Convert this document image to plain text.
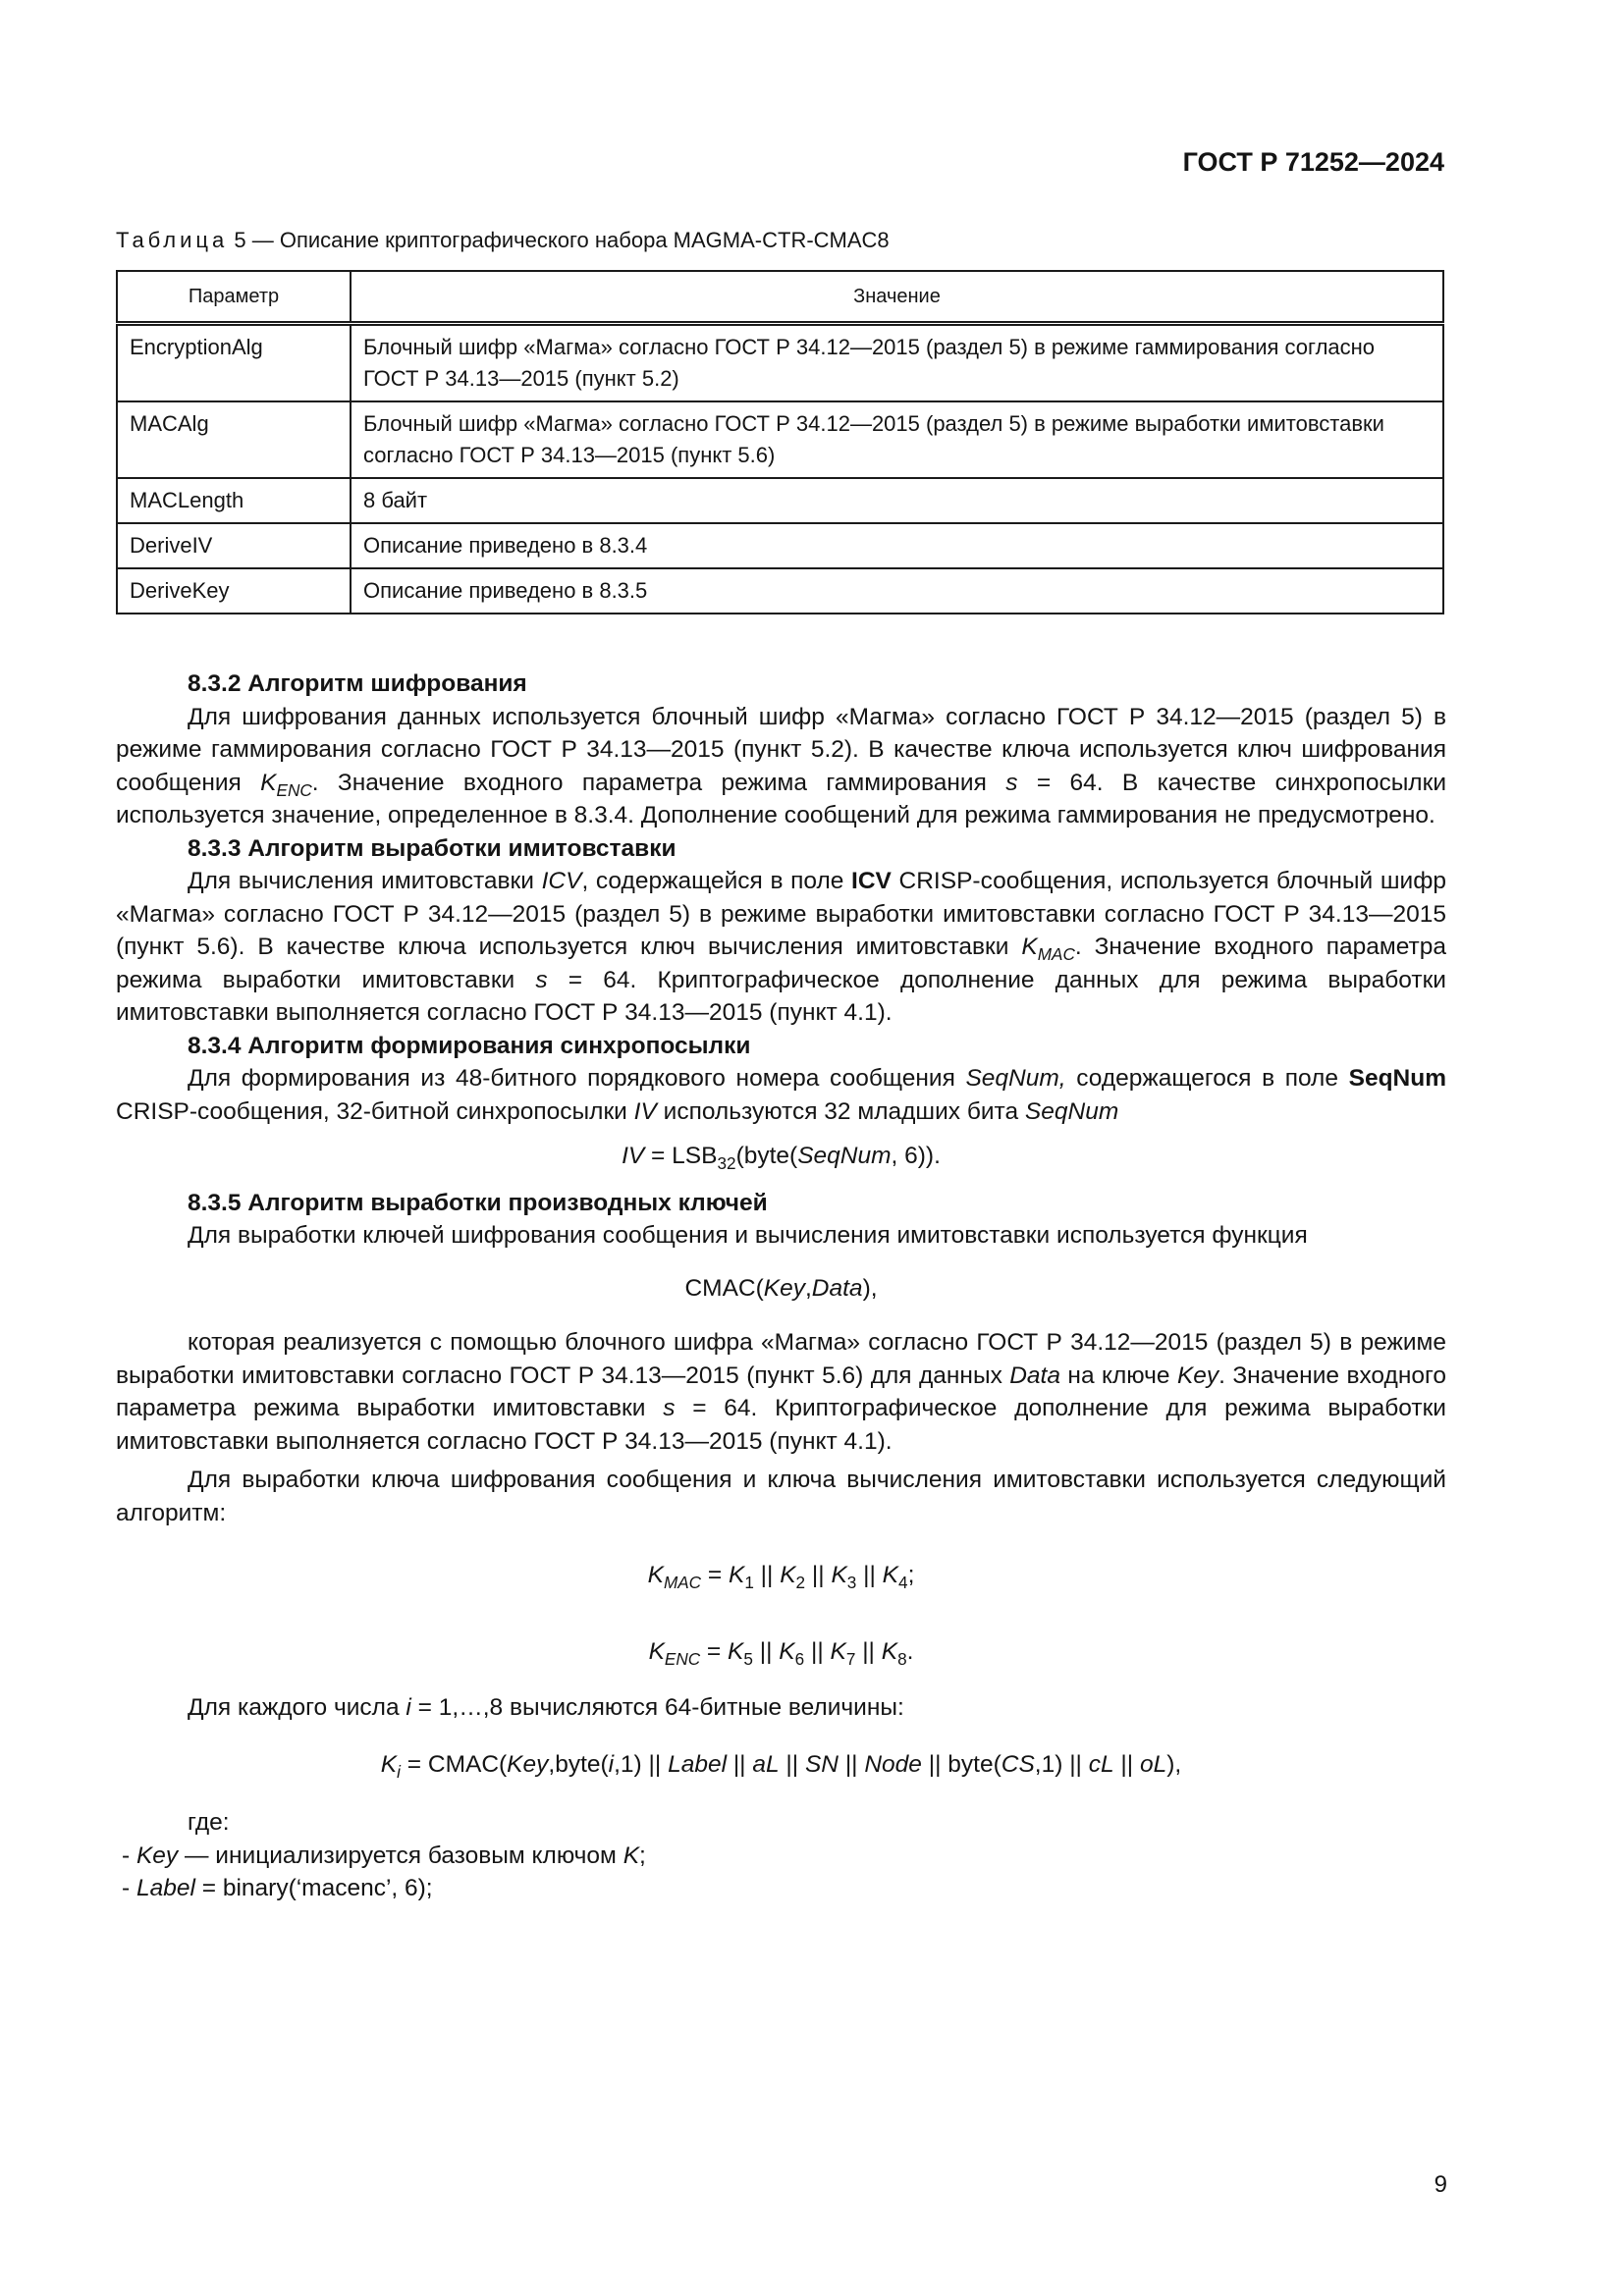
ГОСТ Р 71252—2024
Таблица 5 — Описание криптографического набора MAGMA-CTR-CMAC8
Параметр	Значение
EncryptionAlg	Блочный шифр «Магма» согласно ГОСТ Р 34.12—2015 (раздел 5) в режиме гаммирования согласно ГОСТ Р 34.13—2015 (пункт 5.2)
MACAlg	Блочный шифр «Магма» согласно ГОСТ Р 34.12—2015 (раздел 5) в режиме выработки имитовставки согласно ГОСТ Р 34.13—2015 (пункт 5.6)
MACLength	8 байт
DeriveIV	Описание приведено в 8.3.4
DeriveKey	Описание приведено в 8.3.5

8.3.2 Алгоритм шифрования

Для шифрования данных используется блочный шифр «Магма» согласно ГОСТ Р 34.12—2015 (раздел 5) в режиме гаммирования согласно ГОСТ Р 34.13—2015 (пункт 5.2). В качестве ключа используется ключ шифрования сообщения $K_{ENC}$. Значение входного параметра режима гаммирования s = 64. В качестве синхропосылки используется значение, определенное в 8.3.4. Дополнение сообщений для режима гаммирования не предусмотрено.

8.3.3 Алгоритм выработки имитовставки

Для вычисления имитовставки ICV, содержащейся в поле ICV CRISP-сообщения, используется блочный шифр «Магма» согласно ГОСТ Р 34.12—2015 (раздел 5) в режиме выработки имитовставки согласно ГОСТ Р 34.13—2015 (пункт 5.6). В качестве ключа используется ключ вычисления имитовставки $K_{MAC}$. Значение входного параметра режима выработки имитовставки s = 64. Криптографическое дополнение данных для режима выработки имитовставки выполняется согласно ГОСТ Р 34.13—2015 (пункт 4.1).

8.3.4 Алгоритм формирования синхропосылки

Для формирования из 48-битного порядкового номера сообщения SeqNum, содержащегося в поле SeqNum CRISP-сообщения, 32-битной синхропосылки IV используются 32 младших бита SeqNum

IV = $LSB_{32}(byte(SeqNum$, 6)).

8.3.5 Алгоритм выработки производных ключей

Для выработки ключей шифрования сообщения и вычисления имитовставки используется функция

CMAC(Key,Data),

которая реализуется с помощью блочного шифра «Магма» согласно ГОСТ Р 34.12—2015 (раздел 5) в режиме выработки имитовставки согласно ГОСТ Р 34.13—2015 (пункт 5.6) для данных Data на ключе Key. Значение входного параметра режима выработки имитовставки s = 64. Криптографическое дополнение для режима выработки имитовставки выполняется согласно ГОСТ Р 34.13—2015 (пункт 4.1).

Для выработки ключа шифрования сообщения и ключа вычисления имитовставки используется следующий алгоритм:

$K_{MAC} = K_1$ || $K_2$ || $K_3$ || $K_4$;

$K_{ENC} = K_5$ || $K_6$ || $K_7$ || $K_8$.

Для каждого числа i = 1,…,8 вычисляются 64-битные величины:

$K_i$ = CMAC(Key,byte(i,1) || Label || aL || SN || Node || byte(CS,1) || cL || oL),

где:

- Key — инициализируется базовым ключом K;

- Label = binary(‘macenc’, 6);

9
